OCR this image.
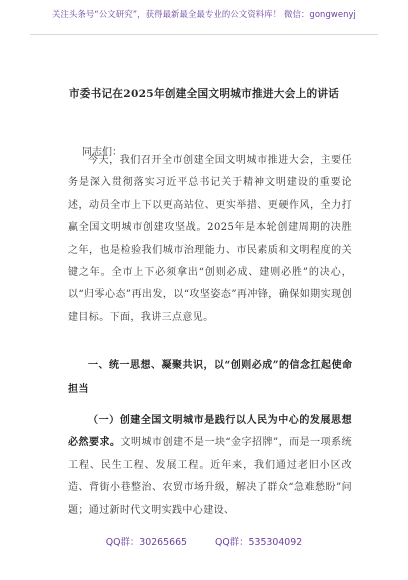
关注头条号“公文研究”，获得最新最全最专业的公文资料库！ 微信：gongwenyj
市委书记在2025年创建全国文明城市推进大会上的讲话
同志们：
今天，我们召开全市创建全国文明城市推进大会，主要任务是深入贯彻落实习近平总书记关于精神文明建设的重要论述，动员全市上下以更高站位、更实举措、更硬作风，全力打赢全国文明城市创建攻坚战。2025年是本轮创建周期的决胜之年，也是检验我们城市治理能力、市民素质和文明程度的关键之年。全市上下必须拿出“创则必成、建则必胜”的决心，以“归零心态”再出发，以“攻坚姿态”再冲锋，确保如期实现创建目标。下面，我讲三点意见。
一、统一思想、凝聚共识，以“创则必成”的信念扛起使命担当
（一）创建全国文明城市是践行以人民为中心的发展思想必然要求。文明城市创建不是一块“金字招牌”，而是一项系统工程、民生工程、发展工程。近年来，我们通过老旧小区改造、背街小巷整治、农贸市场升级，解决了群众“急难愁盼”问题；通过新时代文明实践中心建设、
QQ群：30265665	QQ群：535304092
